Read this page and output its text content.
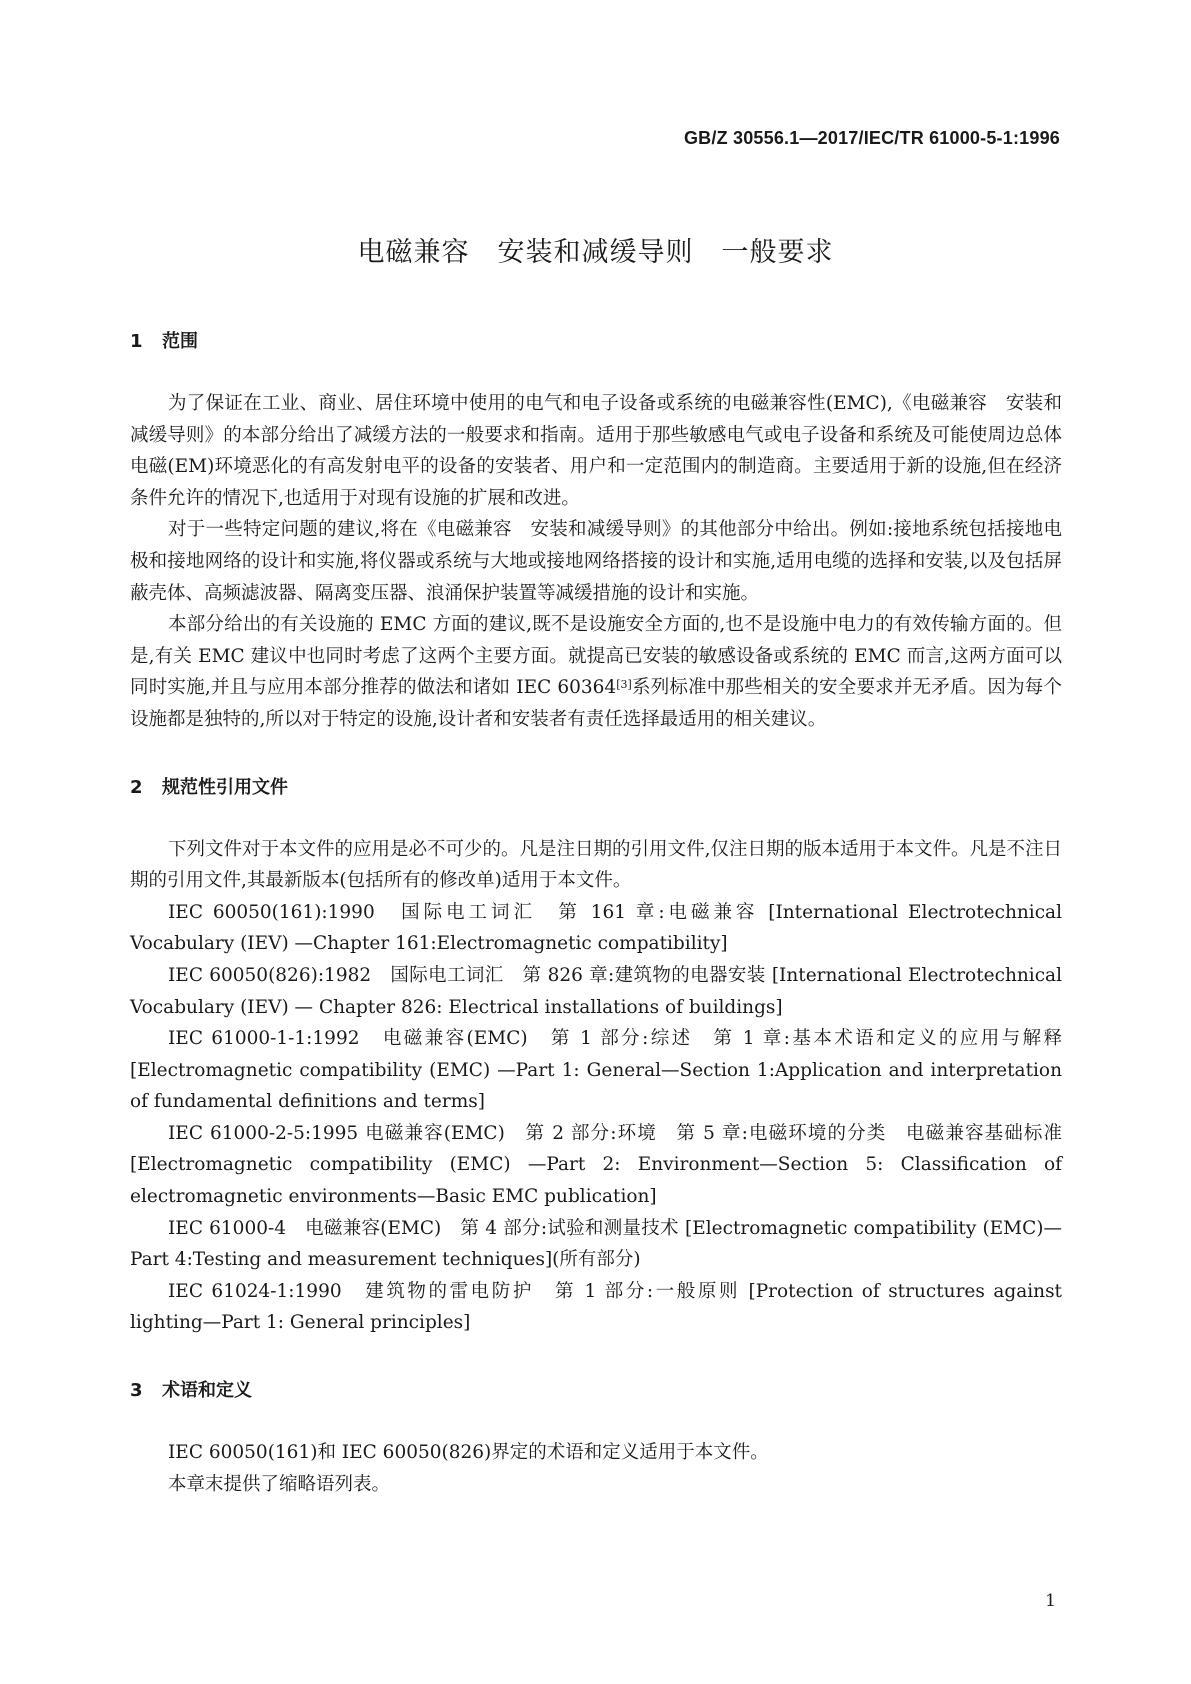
GB/Z 30556.1—2017/IEC/TR 61000-5-1:1996
电磁兼容　安装和减缓导则　一般要求
1 范围

为了保证在工业、商业、居住环境中使用的电气和电子设备或系统的电磁兼容性(EMC),《电磁兼容　安装和减缓导则》的本部分给出了减缓方法的一般要求和指南。适用于那些敏感电气或电子设备和系统及可能使周边总体电磁(EM)环境恶化的有高发射电平的设备的安装者、用户和一定范围内的制造商。主要适用于新的设施,但在经济条件允许的情况下,也适用于对现有设施的扩展和改进。

对于一些特定问题的建议,将在《电磁兼容　安装和减缓导则》的其他部分中给出。例如:接地系统包括接地电极和接地网络的设计和实施,将仪器或系统与大地或接地网络搭接的设计和实施,适用电缆的选择和安装,以及包括屏蔽壳体、高频滤波器、隔离变压器、浪涌保护装置等减缓措施的设计和实施。

本部分给出的有关设施的 EMC 方面的建议,既不是设施安全方面的,也不是设施中电力的有效传输方面的。但是,有关 EMC 建议中也同时考虑了这两个主要方面。就提高已安装的敏感设备或系统的 EMC 而言,这两方面可以同时实施,并且与应用本部分推荐的做法和诸如 IEC 60364[3]系列标准中那些相关的安全要求并无矛盾。因为每个设施都是独特的,所以对于特定的设施,设计者和安装者有责任选择最适用的相关建议。

2 规范性引用文件

下列文件对于本文件的应用是必不可少的。凡是注日期的引用文件,仅注日期的版本适用于本文件。凡是不注日期的引用文件,其最新版本(包括所有的修改单)适用于本文件。

IEC 60050(161):1990　国际电工词汇　第 161 章:电磁兼容 [International Electrotechnical Vocabulary (IEV) —Chapter 161:Electromagnetic compatibility]

IEC 60050(826):1982　国际电工词汇　第 826 章:建筑物的电器安装 [International Electrotechnical Vocabulary (IEV) — Chapter 826: Electrical installations of buildings]

IEC 61000-1-1:1992　电磁兼容(EMC)　第 1 部分:综述　第 1 章:基本术语和定义的应用与解释 [Electromagnetic compatibility (EMC) —Part 1: General—Section 1:Application and interpretation of fundamental definitions and terms]

IEC 61000-2-5:1995 电磁兼容(EMC)　第 2 部分:环境　第 5 章:电磁环境的分类　电磁兼容基础标准 [Electromagnetic compatibility (EMC) —Part 2: Environment—Section 5: Classification of electromagnetic environments—Basic EMC publication]

IEC 61000-4　电磁兼容(EMC)　第 4 部分:试验和测量技术 [Electromagnetic compatibility (EMC)—Part 4:Testing and measurement techniques](所有部分)

IEC 61024-1:1990　建筑物的雷电防护　第 1 部分:一般原则 [Protection of structures against lighting—Part 1: General principles]

3 术语和定义

IEC 60050(161)和 IEC 60050(826)界定的术语和定义适用于本文件。

本章末提供了缩略语列表。

1
